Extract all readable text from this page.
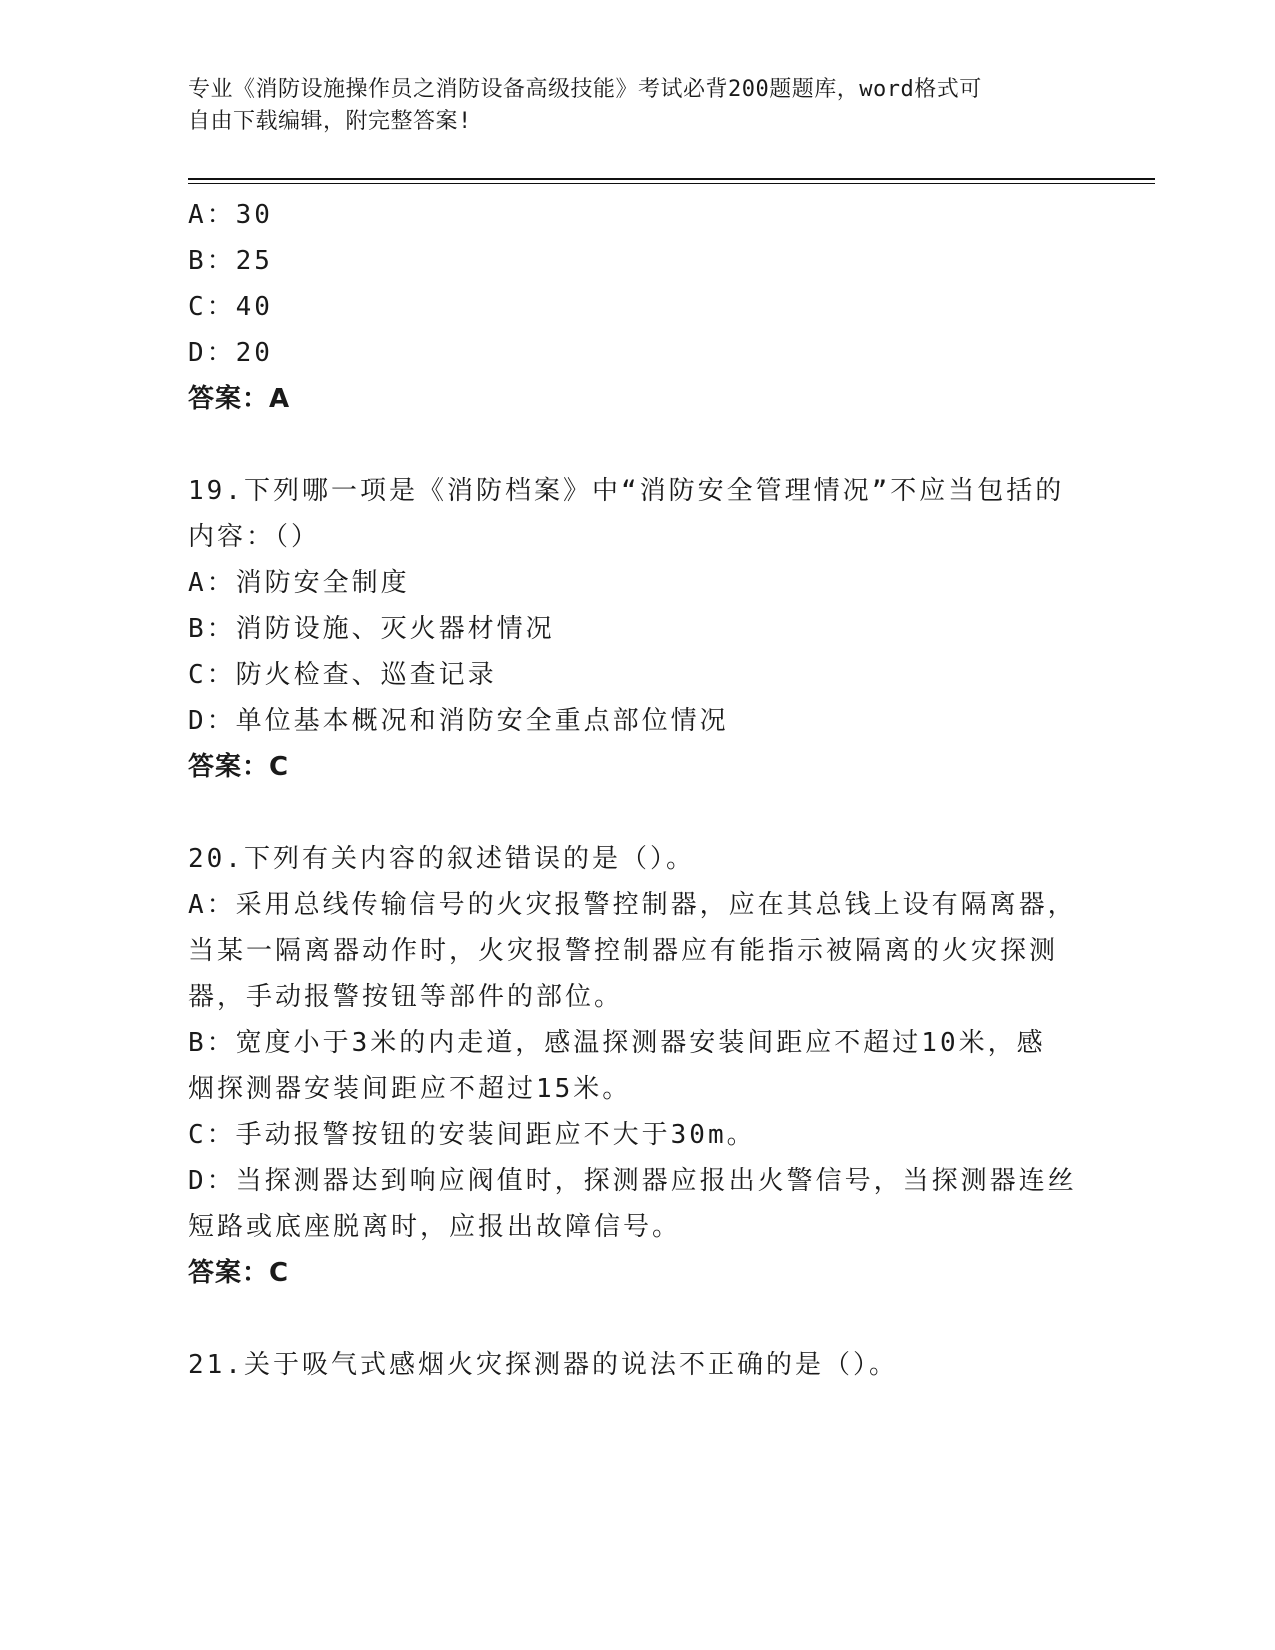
专业《消防设施操作员之消防设备高级技能》考试必背200题题库，word格式可
自由下载编辑，附完整答案!
A：30
B：25
C：40
D：20
答案：A
19.下列哪一项是《消防档案》中“消防安全管理情况”不应当包括的
内容：（）
A：消防安全制度
B：消防设施、灭火器材情况
C：防火检查、巡查记录
D：单位基本概况和消防安全重点部位情况
答案：C
20.下列有关内容的叙述错误的是（）。
A：采用总线传输信号的火灾报警控制器，应在其总钱上设有隔离器，
当某一隔离器动作时，火灾报警控制器应有能指示被隔离的火灾探测
器，手动报警按钮等部件的部位。
B：宽度小于3米的内走道，感温探测器安装间距应不超过10米，感
烟探测器安装间距应不超过15米。
C：手动报警按钮的安装间距应不大于30m。
D：当探测器达到响应阀值时，探测器应报出火警信号，当探测器连丝
短路或底座脱离时，应报出故障信号。
答案：C
21.关于吸气式感烟火灾探测器的说法不正确的是（）。
